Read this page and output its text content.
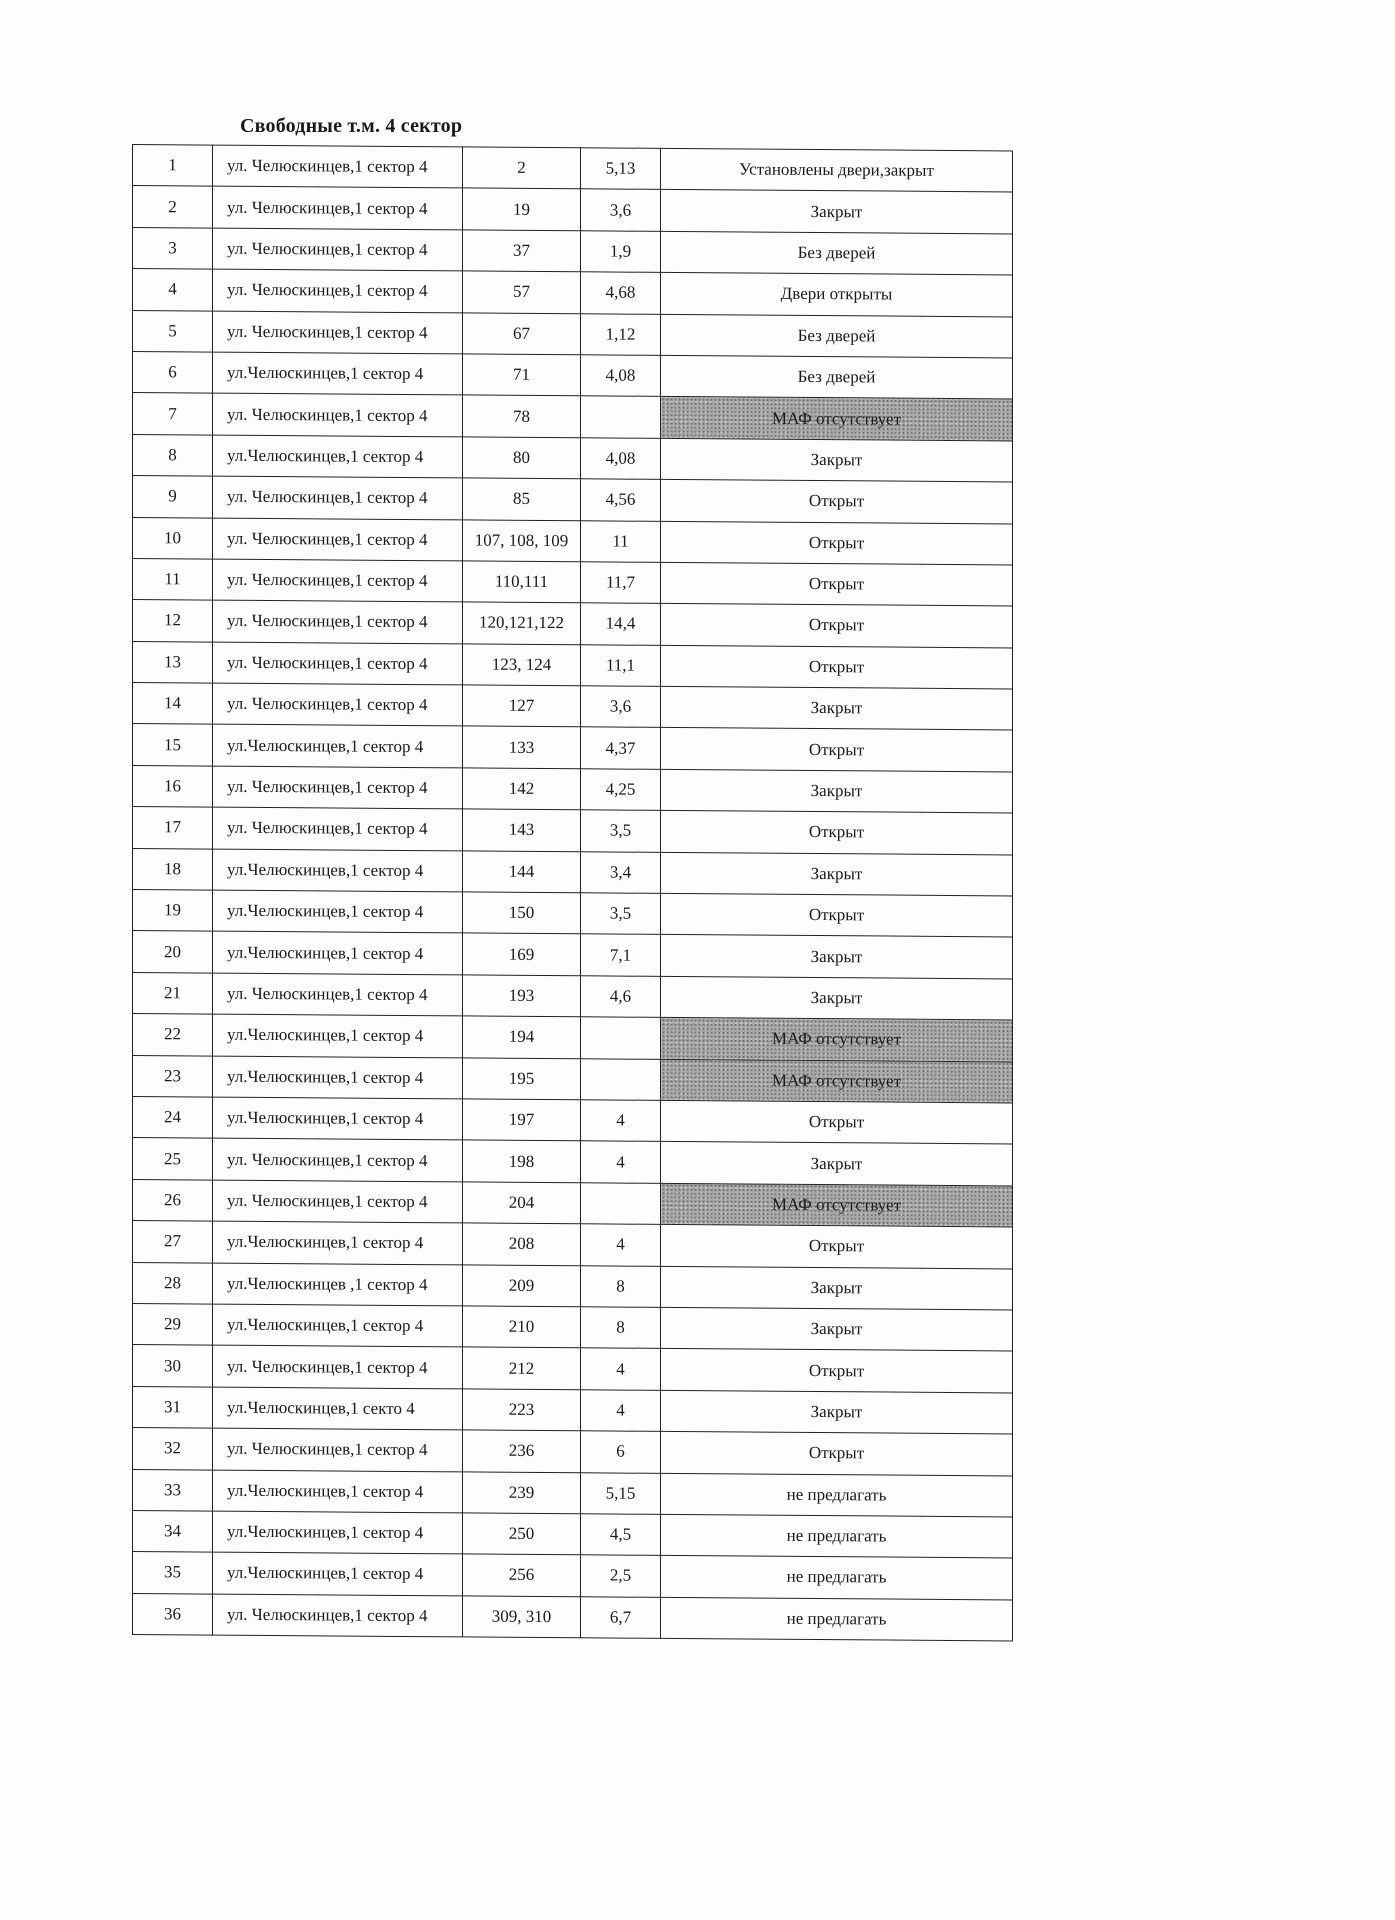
Свободные т.м. 4 сектор
1	ул. Челюскинцев,1 сектор 4	2	5,13	Установлены двери,закрыт
2	ул. Челюскинцев,1 сектор 4	19	3,6	Закрыт
3	ул. Челюскинцев,1 сектор 4	37	1,9	Без дверей
4	ул. Челюскинцев,1 сектор 4	57	4,68	Двери открыты
5	ул. Челюскинцев,1 сектор 4	67	1,12	Без дверей
6	ул.Челюскинцев,1 сектор 4	71	4,08	Без дверей
7	ул. Челюскинцев,1 сектор 4	78		МАФ отсутствует
8	ул.Челюскинцев,1 сектор 4	80	4,08	Закрыт
9	ул. Челюскинцев,1 сектор 4	85	4,56	Открыт
10	ул. Челюскинцев,1 сектор 4	107, 108, 109	11	Открыт
11	ул. Челюскинцев,1 сектор 4	110,111	11,7	Открыт
12	ул. Челюскинцев,1 сектор 4	120,121,122	14,4	Открыт
13	ул. Челюскинцев,1 сектор 4	123, 124	11,1	Открыт
14	ул. Челюскинцев,1 сектор 4	127	3,6	Закрыт
15	ул.Челюскинцев,1 сектор 4	133	4,37	Открыт
16	ул. Челюскинцев,1 сектор 4	142	4,25	Закрыт
17	ул. Челюскинцев,1 сектор 4	143	3,5	Открыт
18	ул.Челюскинцев,1 сектор 4	144	3,4	Закрыт
19	ул.Челюскинцев,1 сектор 4	150	3,5	Открыт
20	ул.Челюскинцев,1 сектор 4	169	7,1	Закрыт
21	ул. Челюскинцев,1 сектор 4	193	4,6	Закрыт
22	ул.Челюскинцев,1 сектор 4	194		МАФ отсутствует
23	ул.Челюскинцев,1 сектор 4	195		МАФ отсутствует
24	ул.Челюскинцев,1 сектор 4	197	4	Открыт
25	ул. Челюскинцев,1 сектор 4	198	4	Закрыт
26	ул. Челюскинцев,1 сектор 4	204		МАФ отсутствует
27	ул.Челюскинцев,1 сектор 4	208	4	Открыт
28	ул.Челюскинцев ,1 сектор 4	209	8	Закрыт
29	ул.Челюскинцев,1 сектор 4	210	8	Закрыт
30	ул. Челюскинцев,1 сектор 4	212	4	Открыт
31	ул.Челюскинцев,1 секто 4	223	4	Закрыт
32	ул. Челюскинцев,1 сектор 4	236	6	Открыт
33	ул.Челюскинцев,1 сектор 4	239	5,15	не предлагать
34	ул.Челюскинцев,1 сектор 4	250	4,5	не предлагать
35	ул.Челюскинцев,1 сектор 4	256	2,5	не предлагать
36	ул. Челюскинцев,1 сектор 4	309, 310	6,7	не предлагать
